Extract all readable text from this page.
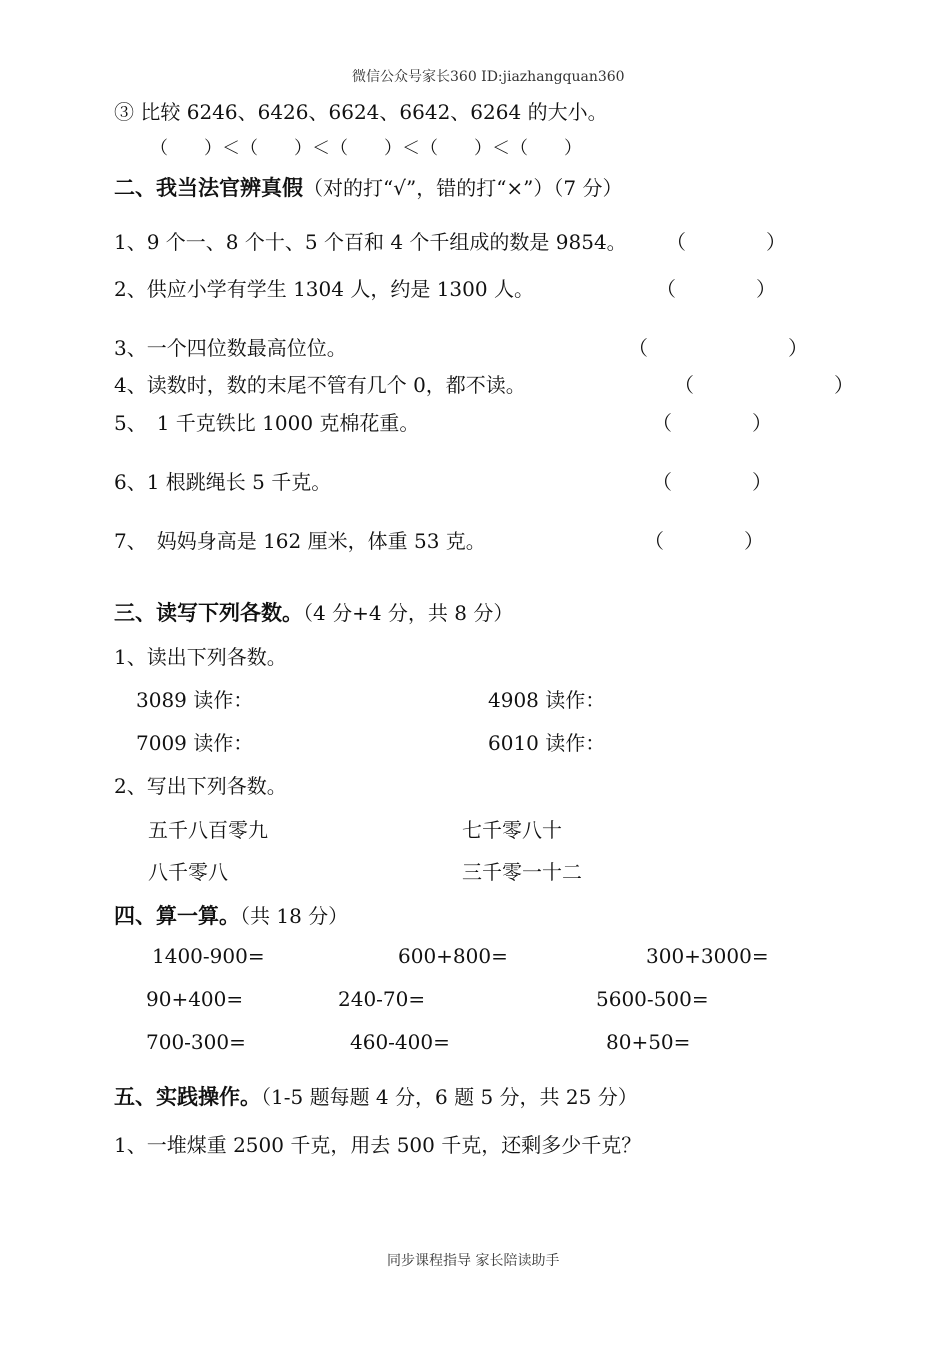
微信公众号家长360 ID:jiazhangquan360
③ 比较 6246、6426、6624、6642、6264 的大小。
（　　）＜（　　）＜（　　）＜（　　）＜（　　）
二、我当法官辨真假（对的打“√”，错的打“×”）（7 分）
1、9 个一、8 个十、5 个百和 4 个千组成的数是 9854。 （　　　　）
2、供应小学有学生 1304 人，约是 1300 人。	（　　　　）
3、一个四位数最高位位。	（　　　　　　　）
4、读数时，数的末尾不管有几个 0，都不读。	（　　　　　　　）
5、　1 千克铁比 1000 克棉花重。	（　　　　）
6、1 根跳绳长 5 千克。	（　　　　）
7、　妈妈身高是 162 厘米，体重 53 克。	（　　　　）
三、读写下列各数。（4 分+4 分，共 8 分）
1、读出下列各数。
3089 读作：	4908 读作：
7009 读作：	6010 读作：
2、写出下列各数。
五千八百零九	七千零八十
八千零八	三千零一十二
四、算一算。（共 18 分）
1400-900=	600+800=	300+3000=
90+400=	240-70=	5600-500=
700-300=	460-400=	80+50=
五、实践操作。（1-5 题每题 4 分，6 题 5 分，共 25 分）
1、一堆煤重 2500 千克，用去 500 千克，还剩多少千克？
同步课程指导 家长陪读助手
